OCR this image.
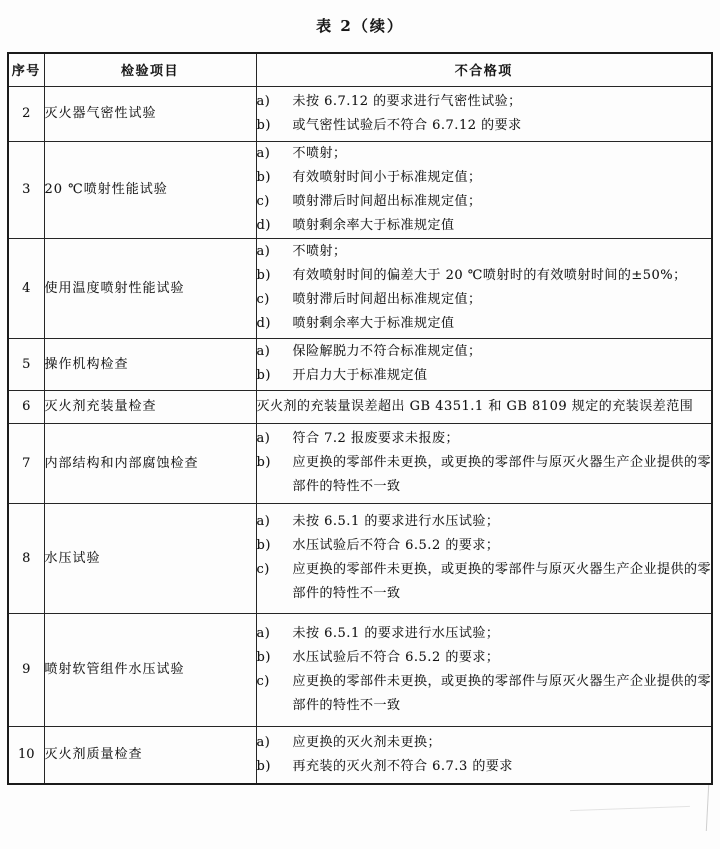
表 2（续）
序号	检验项目	不合格项
2	灭火器气密性试验	a) 未按 6.7.12 的要求进行气密性试验；
b) 或气密性试验后不符合 6.7.12 的要求

3	20 ℃喷射性能试验	
a)	不喷射；
b)	有效喷射时间小于标准规定值；
c)	喷射滞后时间超出标准规定值；
d)	喷射剩余率大于标准规定值

4	使用温度喷射性能试验	
a)	不喷射；
b)	有效喷射时间的偏差大于 20 ℃喷射时的有效喷射时间的±50%；
c)	喷射滞后时间超出标准规定值；
d)	喷射剩余率大于标准规定值

5	操作机构检查	a) 保险解脱力不符合标准规定值；
b) 开启力大于标准规定值

6	灭火剂充装量检查	灭火剂的充装量误差超出 GB 4351.1 和 GB 8109 规定的充装误差范围

7	内部结构和内部腐蚀检查	a) 符合 7.2 报废要求未报废；
b) 应更换的零部件未更换，或更换的零部件与原灭火器生产企业提供的零部件的特性不一致

8	水压试验	
a)	未按 6.5.1 的要求进行水压试验；
b)	水压试验后不符合 6.5.2 的要求；
c)	应更换的零部件未更换，或更换的零部件与原灭火器生产企业提供的零部件的特性不一致

9	喷射软管组件水压试验	
a)	未按 6.5.1 的要求进行水压试验；
b)	水压试验后不符合 6.5.2 的要求；
c)	应更换的零部件未更换，或更换的零部件与原灭火器生产企业提供的零部件的特性不一致

10	灭火剂质量检查	a) 应更换的灭火剂未更换；
b) 再充装的灭火剂不符合 6.7.3 的要求
